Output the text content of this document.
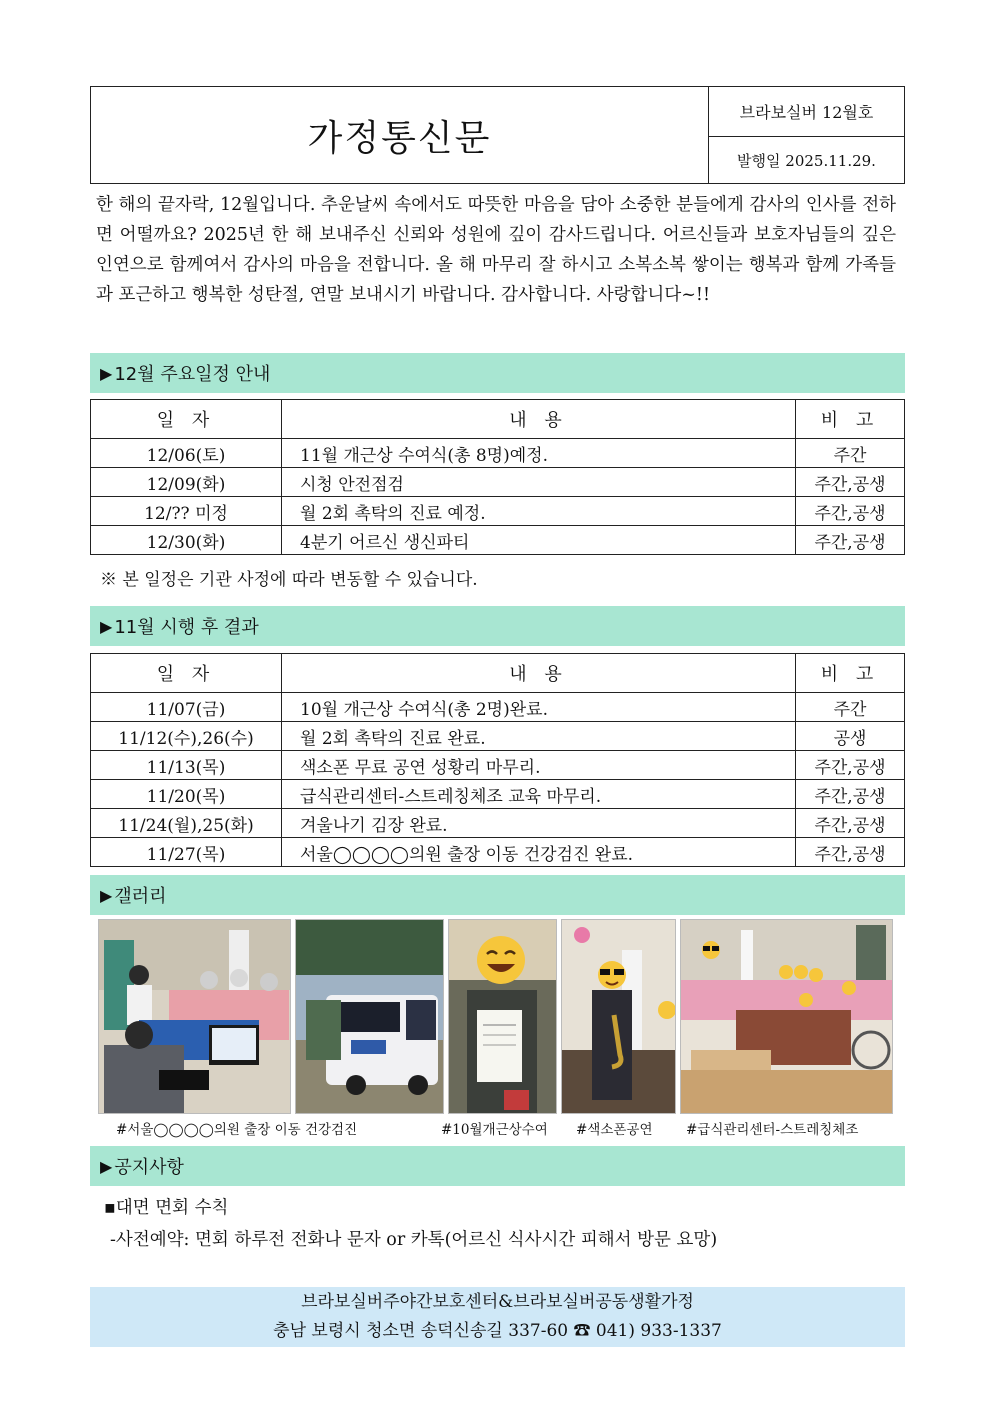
가정통신문
브라보실버 12월호
발행일 2025.11.29.
한 해의 끝자락, 12월입니다. 추운날씨 속에서도 따뜻한 마음을 담아 소중한 분들에게 감사의 인사를 전하면 어떨까요? 2025년 한 해 보내주신 신뢰와 성원에 깊이 감사드립니다. 어르신들과 보호자님들의 깊은 인연으로 함께여서 감사의 마음을 전합니다. 올 해 마무리 잘 하시고 소복소복 쌓이는 행복과 함께 가족들과 포근하고 행복한 성탄절, 연말 보내시기 바랍니다. 감사합니다. 사랑합니다~!!
▶ 12월 주요일정 안내
일 자	내 용	비 고
12/06(토)	11월 개근상 수여식(총 8명)예정.	주간
12/09(화)	시청 안전점검	주간,공생
12/?? 미정	월 2회 촉탁의 진료 예정.	주간,공생
12/30(화)	4분기 어르신 생신파티	주간,공생
※ 본 일정은 기관 사정에 따라 변동할 수 있습니다.
▶ 11월 시행 후 결과
일 자	내 용	비 고
11/07(금)	10월 개근상 수여식(총 2명)완료.	주간
11/12(수),26(수)	월 2회 촉탁의 진료 완료.	공생
11/13(목)	색소폰 무료 공연 성황리 마무리.	주간,공생
11/20(목)	급식관리센터-스트레칭체조 교육 마무리.	주간,공생
11/24(월),25(화)	겨울나기 김장 완료.	주간,공생
11/27(목)	서울◯◯◯◯의원 출장 이동 건강검진 완료.	주간,공생
▶ 갤러리
#서울◯◯◯◯의원 출장 이동 건강검진	#10월개근상수여 #색소폰공연 #급식관리센터-스트레칭체조
▶ 공지사항
▪대면 면회 수칙
-사전예약: 면회 하루전 전화나 문자 or 카톡(어르신 식사시간 피해서 방문 요망)
브라보실버주야간보호센터&브라보실버공동생활가정
충남 보령시 청소면 송덕신송길 337-60 ☎ 041) 933-1337
